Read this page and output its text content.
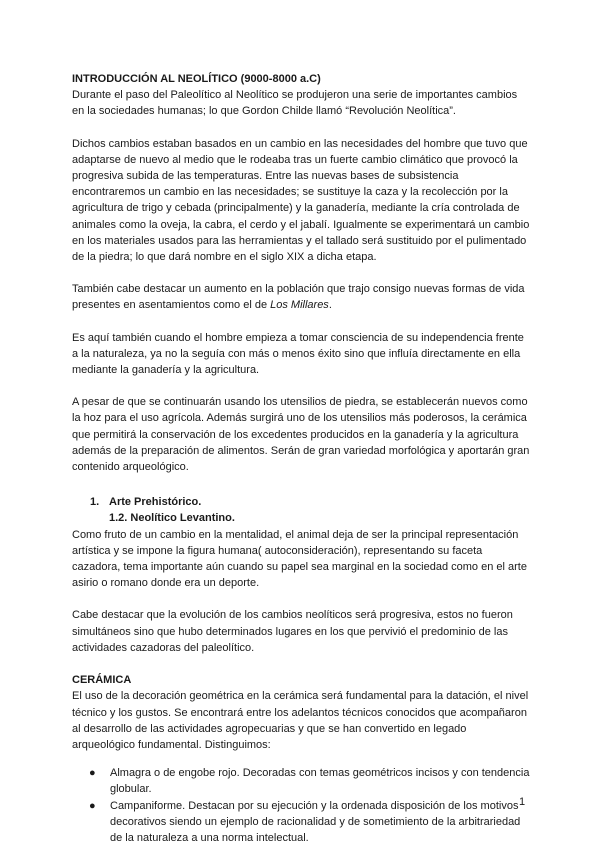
INTRODUCCIÓN AL NEOLÍTICO (9000-8000 a.C)

Durante el paso del Paleolítico al Neolítico se produjeron una serie de importantes cambios en la sociedades humanas; lo que Gordon Childe llamó “Revolución Neolítica”.

Dichos cambios estaban basados en un cambio en las necesidades del hombre que tuvo que adaptarse de nuevo al medio que le rodeaba tras un fuerte cambio climático que provocó la progresiva subida de las temperaturas. Entre las nuevas bases de subsistencia encontraremos un cambio en las necesidades; se sustituye la caza y la recolección por la agricultura de trigo y cebada (principalmente) y la ganadería, mediante la cría controlada de animales como la oveja, la cabra, el cerdo y el jabalí. Igualmente se experimentará un cambio en los materiales usados para las herramientas y el tallado será sustituido por el pulimentado de la piedra; lo que dará nombre en el siglo XIX a dicha etapa.

También cabe destacar un aumento en la población que trajo consigo nuevas formas de vida presentes en asentamientos como el de Los Millares.

Es aquí también cuando el hombre empieza a tomar consciencia de su independencia frente a la naturaleza, ya no la seguía con más o menos éxito sino que influía directamente en ella mediante la ganadería y la agricultura.

A pesar de que se continuarán usando los utensilios de piedra, se establecerán nuevos como la hoz para el uso agrícola. Además surgirá uno de los utensilios más poderosos, la cerámica que permitirá la conservación de los excedentes producidos en la ganadería y la agricultura además de la preparación de alimentos. Serán de gran variedad morfológica y aportarán gran contenido arqueológico.

1. Arte Prehistórico.

1.2. Neolítico Levantino.

Como fruto de un cambio en la mentalidad, el animal deja de ser la principal representación artística y se impone la figura humana( autoconsideración), representando su faceta cazadora, tema importante aún cuando su papel sea marginal en la sociedad como en el arte asirio o romano donde era un deporte.

Cabe destacar que la evolución de los cambios neolíticos será progresiva, estos no fueron simultáneos sino que hubo determinados lugares en los que pervivió el predominio de las actividades cazadoras del paleolítico.

CERÁMICA

El uso de la decoración geométrica en la cerámica será fundamental para la datación, el nivel técnico y los gustos. Se encontrará entre los adelantos técnicos conocidos que acompañaron al desarrollo de las actividades agropecuarias y que se han convertido en legado arqueológico fundamental. Distinguimos:

● Almagra o de engobe rojo. Decoradas con temas geométricos incisos y con tendencia globular.
● Campaniforme. Destacan por su ejecución y la ordenada disposición de los motivos decorativos siendo un ejemplo de racionalidad y de sometimiento de la arbitrariedad de la naturaleza a una norma intelectual.
1
